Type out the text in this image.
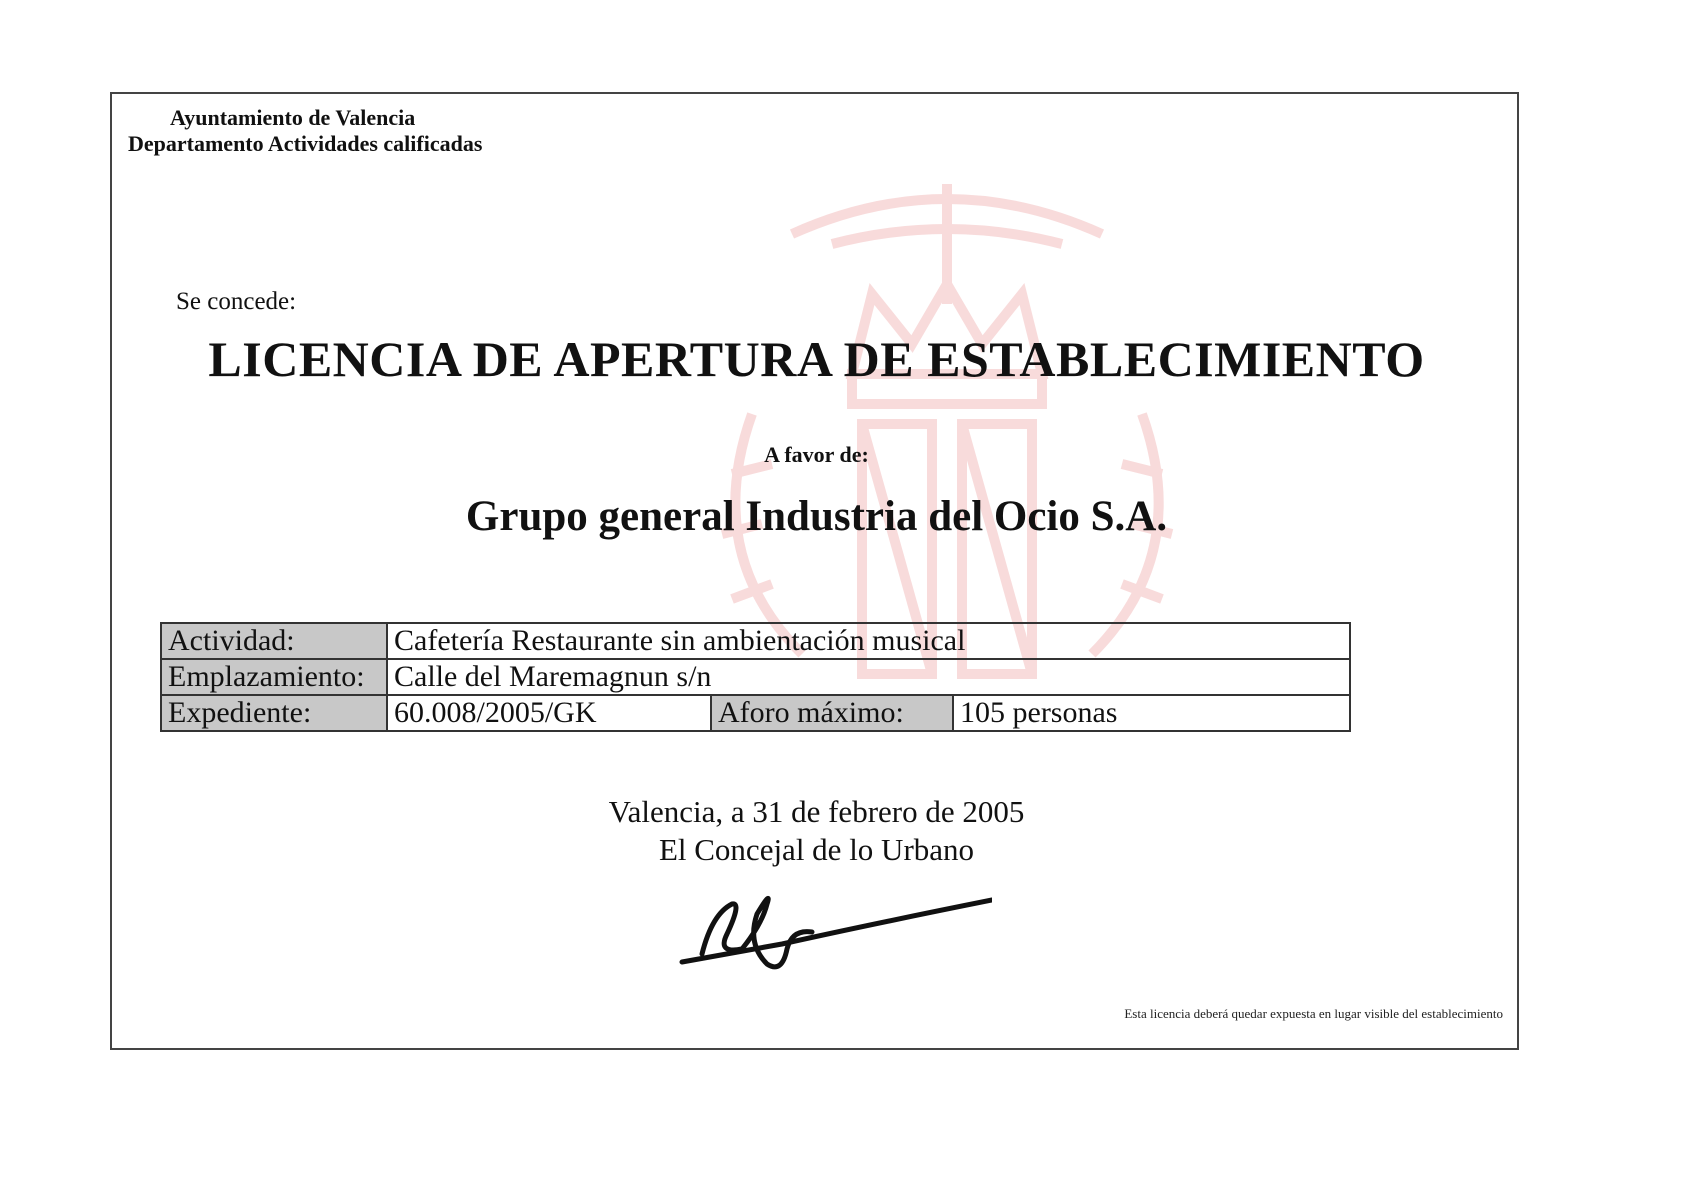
Ayuntamiento de Valencia
Departamento Actividades calificadas
Se concede:
LICENCIA DE APERTURA DE ESTABLECIMIENTO
A favor de:
Grupo general Industria del Ocio S.A.
Actividad:	Cafetería Restaurante sin ambientación musical		
Emplazamiento:	Calle del Maremagnun s/n		
Expediente:	60.008/2005/GK	Aforo máximo:	105 personas
Valencia, a 31 de febrero de 2005
El Concejal de lo Urbano
Esta licencia deberá quedar expuesta en lugar visible del establecimiento
